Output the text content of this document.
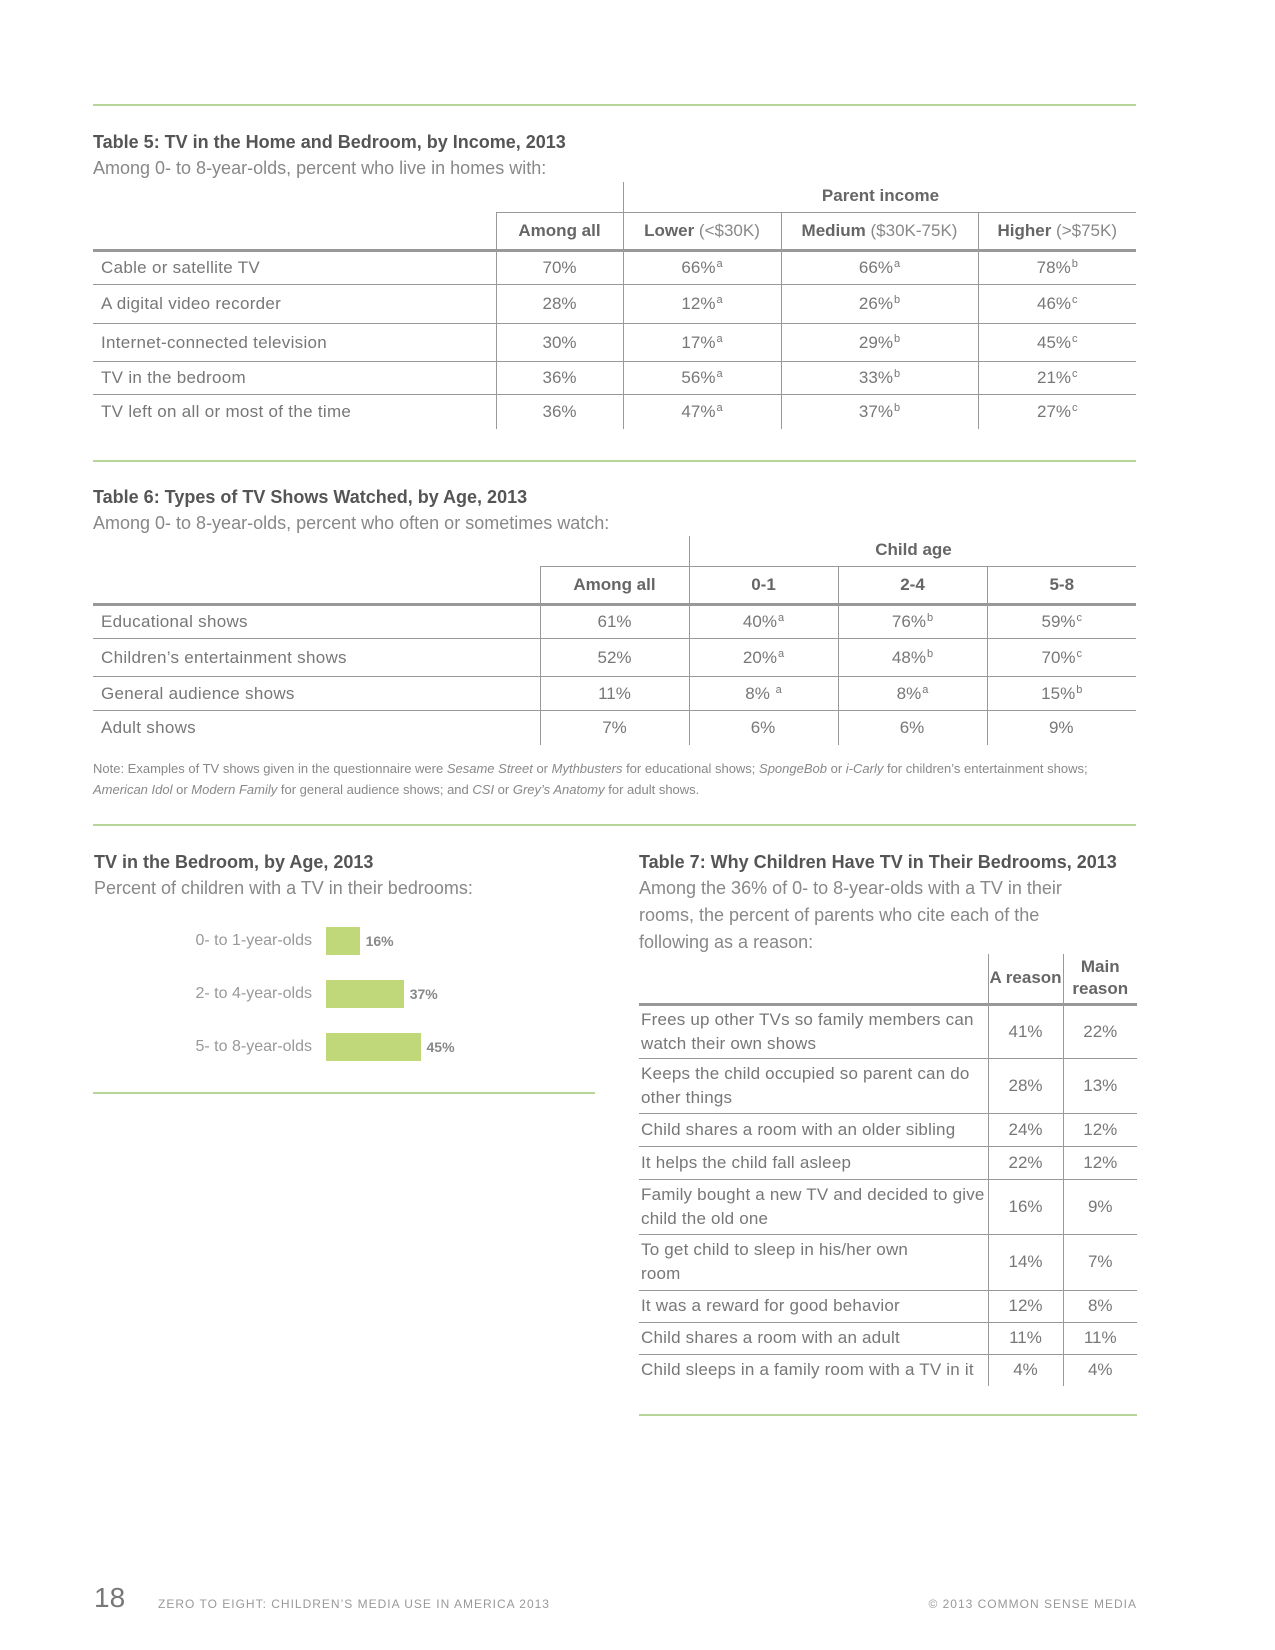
Table 5: TV in the Home and Bedroom, by Income, 2013
Among 0- to 8-year-olds, percent who live in homes with:
Parent income
	Among all	Lower (<$30K)	Medium ($30K-75K)	Higher (>$75K)
Cable or satellite TV	70%	66%$^a$	66%$^a$	78%$^b$
A digital video recorder	28%	12%$^a$	26%$^b$	46%$^c$
Internet-connected television	30%	17%$^a$	29%$^b$	45%$^c$
TV in the bedroom	36%	56%$^a$	33%$^b$	21%$^c$
TV left on all or most of the time	36%	47%$^a$	37%$^b$	27%$^c$
Table 6: Types of TV Shows Watched, by Age, 2013
Among 0- to 8-year-olds, percent who often or sometimes watch:
Child age
	Among all	0-1	2-4	5-8
Educational shows	61%	40%$^a$	76%$^b$	59%$^c$
Children’s entertainment shows	52%	20%$^a$	48%$^b$	70%$^c$
General audience shows	11%	8% $^a$	8%$^a$	15%$^b$
Adult shows	7%	6%	6%	9%
Note: Examples of TV shows given in the questionnaire were Sesame Street or Mythbusters for educational shows; SpongeBob or i-Carly for children’s entertainment shows; American Idol or Modern Family for general audience shows; and CSI or Grey’s Anatomy for adult shows.
TV in the Bedroom, by Age, 2013
Percent of children with a TV in their bedrooms:
0- to 1-year-olds	16%
2- to 4-year-olds	37%
5- to 8-year-olds	45%
Table 7: Why Children Have TV in Their Bedrooms, 2013
Among the 36% of 0- to 8-year-olds with a TV in their rooms, the percent of parents who cite each of the following as a reason:
	A reason	Main reason
Frees up other TVs so family members can watch their own shows	41%	22%
Keeps the child occupied so parent can do other things	28%	13%
Child shares a room with an older sibling	24%	12%
It helps the child fall asleep	22%	12%
Family bought a new TV and decided to give child the old one	16%	9%
To get child to sleep in his/her own room	14%	7%
It was a reward for good behavior	12%	8%
Child shares a room with an adult	11%	11%
Child sleeps in a family room with a TV in it	4%	4%
18	ZERO TO EIGHT: CHILDREN’S MEDIA USE IN AMERICA 2013	© 2013 COMMON SENSE MEDIA
